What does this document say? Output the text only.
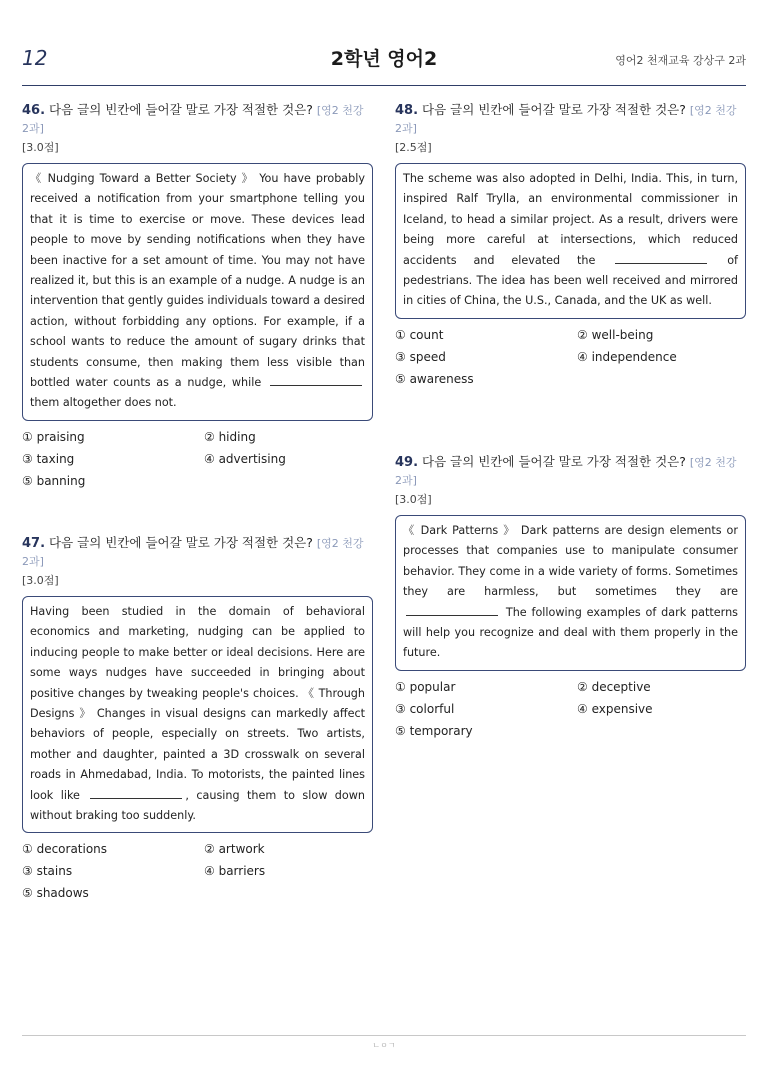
12	2학년 영어2	영어2 천재교육 강상구 2과
46. 다음 글의 빈칸에 들어갈 말로 가장 적절한 것은? [영2 천강 2과]
[3.0점]
《 Nudging Toward a Better Society 》 You have probably received a notification from your smartphone telling you that it is time to exercise or move. These devices lead people to move by sending notifications when they have been inactive for a set amount of time. You may not have realized it, but this is an example of a nudge. A nudge is an intervention that gently guides individuals toward a desired action, without forbidding any options. For example, if a school wants to reduce the amount of sugary drinks that students consume, then making them less visible than bottled water counts as a nudge, while  them altogether does not.
① praising	② hiding
③ taxing	④ advertising
⑤ banning
47. 다음 글의 빈칸에 들어갈 말로 가장 적절한 것은? [영2 천강 2과]
[3.0점]
Having been studied in the domain of behavioral economics and marketing, nudging can be applied to inducing people to make better or ideal decisions. Here are some ways nudges have succeeded in bringing about positive changes by tweaking people's choices. 《 Through Designs 》 Changes in visual designs can markedly affect behaviors of people, especially on streets. Two artists, mother and daughter, painted a 3D crosswalk on several roads in Ahmedabad, India. To motorists, the painted lines look like	, causing them to slow down without braking too suddenly.
① decorations	② artwork
③ stains	④ barriers
⑤ shadows
48. 다음 글의 빈칸에 들어갈 말로 가장 적절한 것은? [영2 천강 2과]
[2.5점]
The scheme was also adopted in Delhi, India. This, in turn, inspired Ralf Trylla, an environmental commissioner in Iceland, to head a similar project. As a result, drivers were being more careful at intersections, which reduced accidents and elevated the	of pedestrians. The idea has been well received and mirrored in cities of China, the U.S., Canada, and the UK as well.
① count	② well-being
③ speed	④ independence
⑤ awareness
49. 다음 글의 빈칸에 들어갈 말로 가장 적절한 것은? [영2 천강 2과]
[3.0점]
《 Dark Patterns 》 Dark patterns are design elements or processes that companies use to manipulate consumer behavior. They come in a wide variety of forms. Sometimes they are harmless, but sometimes they are  The following examples of dark patterns will help you recognize and deal with them properly in the future.
① popular	② deceptive
③ colorful	④ expensive
⑤ temporary
ㄴㅇㄱ
